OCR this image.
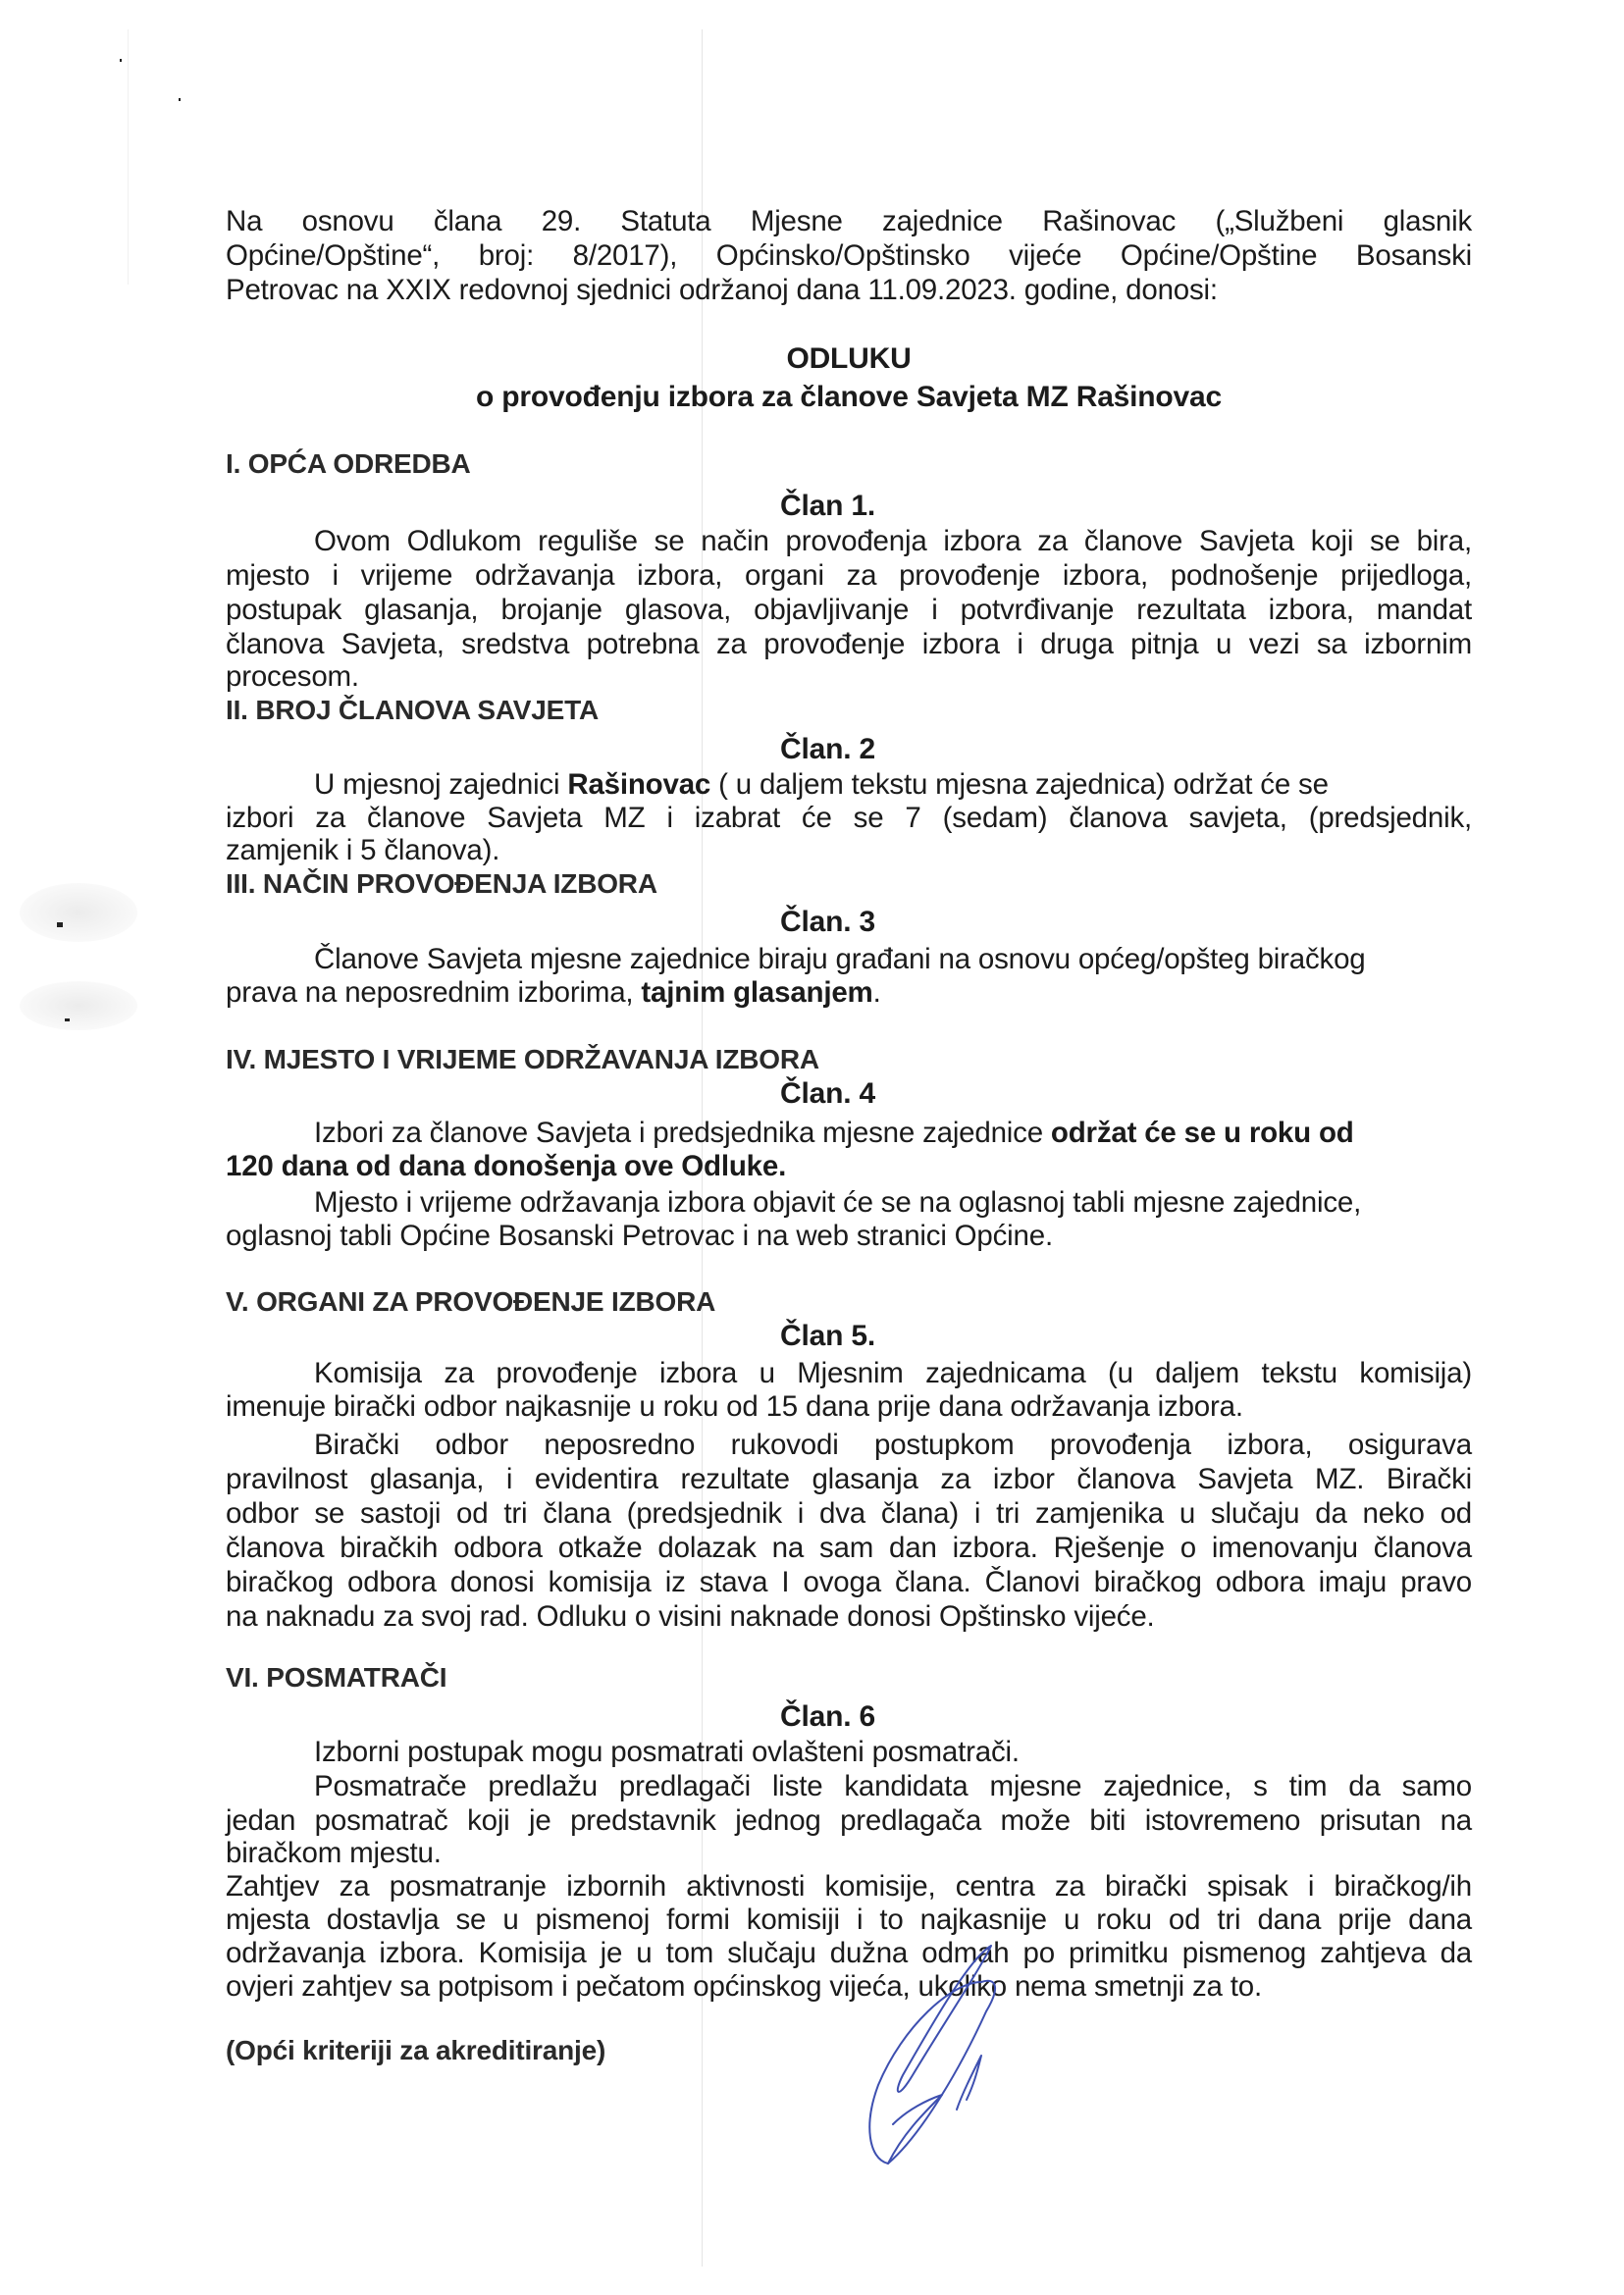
Na osnovu člana 29. Statuta Mjesne zajednice Rašinovac („Službeni glasnik
Općine/Opštine“, broj: 8/2017), Općinsko/Opštinsko vijeće Općine/Opštine Bosanski
Petrovac na XXIX redovnoj sjednici održanoj dana 11.09.2023. godine, donosi:
ODLUKU
o provođenju izbora za članove Savjeta MZ Rašinovac
I. OPĆA ODREDBA
Član 1.
Ovom Odlukom reguliše se način provođenja izbora za članove Savjeta koji se bira,
mjesto i vrijeme održavanja izbora, organi za provođenje izbora, podnošenje prijedloga,
postupak glasanja, brojanje glasova, objavljivanje i potvrđivanje rezultata izbora, mandat
članova Savjeta, sredstva potrebna za provođenje izbora i druga pitnja u vezi sa izbornim
procesom.
II. BROJ ČLANOVA SAVJETA
Član. 2
U mjesnoj zajednici Rašinovac ( u daljem tekstu mjesna zajednica) održat će se
izbori za članove Savjeta MZ i izabrat će se 7 (sedam) članova savjeta, (predsjednik,
zamjenik i 5 članova).
III. NAČIN PROVOĐENJA IZBORA
Član. 3
Članove Savjeta mjesne zajednice biraju građani na osnovu općeg/opšteg biračkog
prava na neposrednim izborima, tajnim glasanjem.
IV. MJESTO I VRIJEME ODRŽAVANJA IZBORA
Član. 4
Izbori za članove Savjeta i predsjednika mjesne zajednice održat će se u roku od
120 dana od dana donošenja ove Odluke.
Mjesto i vrijeme održavanja izbora objavit će se na oglasnoj tabli mjesne zajednice,
oglasnoj tabli Općine Bosanski Petrovac i na web stranici Općine.
V. ORGANI ZA PROVOĐENJE IZBORA
Član 5.
Komisija za provođenje izbora u Mjesnim zajednicama (u daljem tekstu komisija)
imenuje birački odbor najkasnije u roku od 15 dana prije dana održavanja izbora.
Birački odbor neposredno rukovodi postupkom provođenja izbora, osigurava
pravilnost glasanja, i evidentira rezultate glasanja za izbor članova Savjeta MZ. Birački
odbor se sastoji od tri člana (predsjednik i dva člana) i tri zamjenika u slučaju da neko od
članova biračkih odbora otkaže dolazak na sam dan izbora. Rješenje o imenovanju članova
biračkog odbora donosi komisija iz stava I ovoga člana. Članovi biračkog odbora imaju pravo
na naknadu za svoj rad. Odluku o visini naknade donosi Opštinsko vijeće.
VI. POSMATRAČI
Član. 6
Izborni postupak mogu posmatrati ovlašteni posmatrači.
Posmatrače predlažu predlagači liste kandidata mjesne zajednice, s tim da samo
jedan posmatrač koji je predstavnik jednog predlagača može biti istovremeno prisutan na
biračkom mjestu.
Zahtjev za posmatranje izbornih aktivnosti komisije, centra za birački spisak i biračkog/ih
mjesta dostavlja se u pismenoj formi komisiji i to najkasnije u roku od tri dana prije dana
održavanja izbora. Komisija je u tom slučaju dužna odmah po primitku pismenog zahtjeva da
ovjeri zahtjev sa potpisom i pečatom općinskog vijeća, ukoliko nema smetnji za to.
(Opći kriteriji za akreditiranje)
